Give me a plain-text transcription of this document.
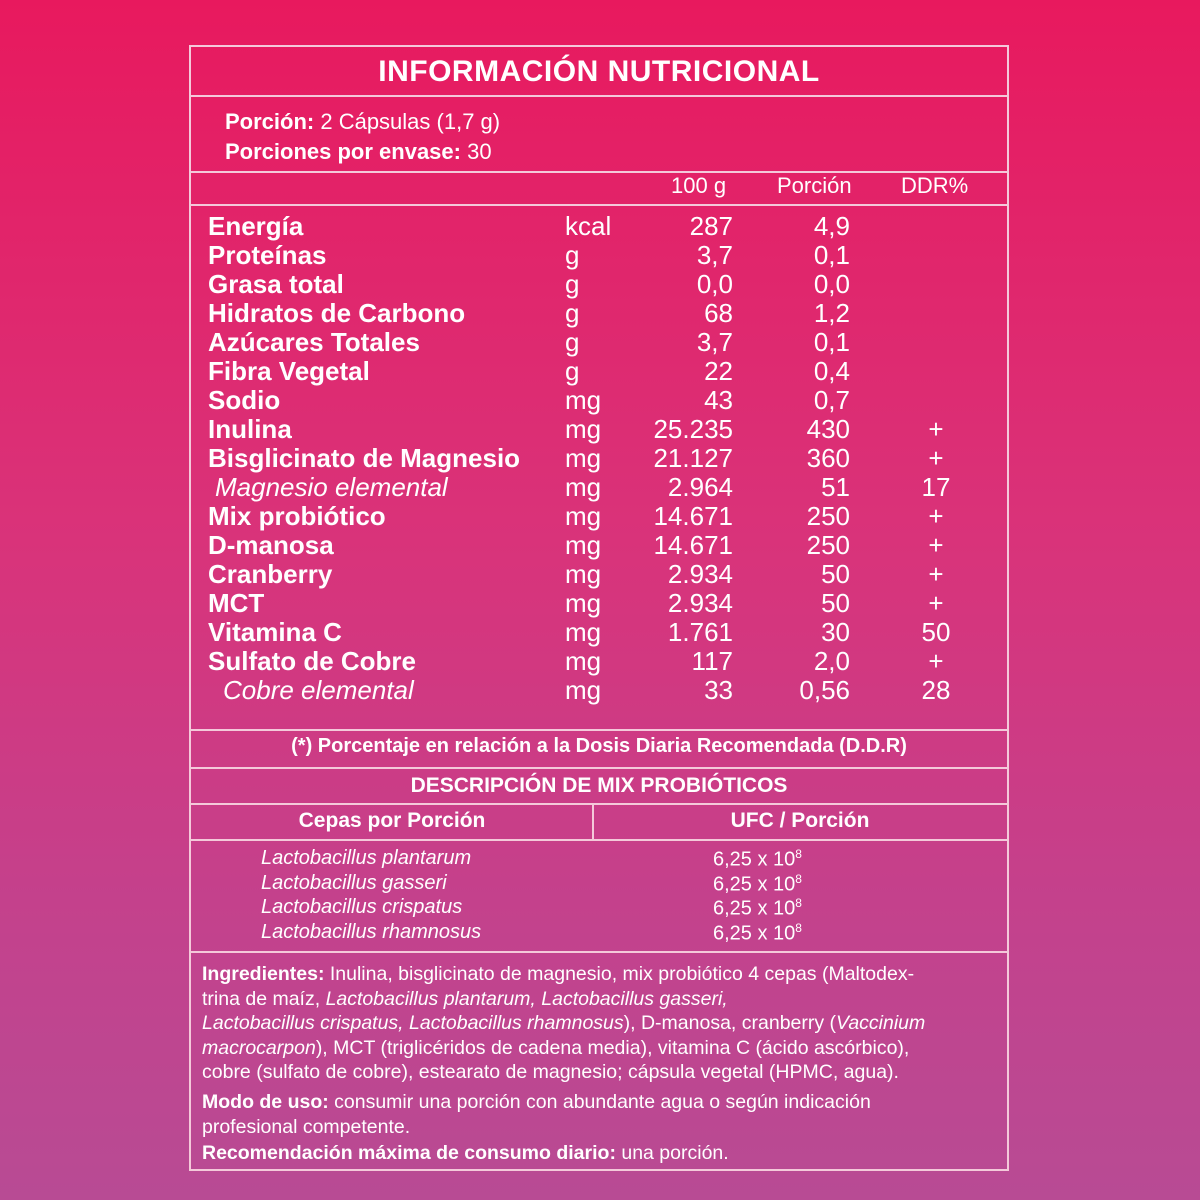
INFORMACIÓN NUTRICIONAL
Porción: 2 Cápsulas (1,7 g)
Porciones por envase: 30
100 g Porción DDR%
Energía	kcal	287	4,9
Proteínas	g	3,7	0,1
Grasa total	g	0,0	0,0
Hidratos de Carbono	g	68	1,2
Azúcares Totales	g	3,7	0,1
Fibra Vegetal	g	22	0,4
Sodio	mg	43	0,7
Inulina	mg 25.235	430	+
Bisglicinato de Magnesio mg 21.127	360	+
Magnesio elemental	mg	2.964	51	17
Mix probiótico	mg 14.671	250	+
D-manosa	mg 14.671	250	+
Cranberry	mg	2.934	50	+
MCT	mg	2.934	50	+
Vitamina C	mg	1.761	30	50
Sulfato de Cobre	mg	117	2,0	+
Cobre elemental	mg	33	0,56	28
(*) Porcentaje en relación a la Dosis Diaria Recomendada (D.D.R)
DESCRIPCIÓN DE MIX PROBIÓTICOS
Cepas por Porción	UFC / Porción
Lactobacillus plantarum	6,25 x $10^8$
Lactobacillus gasseri	6,25 x $10^8$
Lactobacillus crispatus	6,25 x $10^8$
Lactobacillus rhamnosus	6,25 x $10^8$
Ingredientes: Inulina, bisglicinato de magnesio, mix probiótico 4 cepas (Maltodex-
trina de maíz, Lactobacillus plantarum, Lactobacillus gasseri,
Lactobacillus crispatus, Lactobacillus rhamnosus), D-manosa, cranberry (Vaccinium
macrocarpon), MCT (triglicéridos de cadena media), vitamina C (ácido ascórbico),
cobre (sulfato de cobre), estearato de magnesio; cápsula vegetal (HPMC, agua).
Modo de uso: consumir una porción con abundante agua o según indicación
profesional competente.
Recomendación máxima de consumo diario: una porción.
